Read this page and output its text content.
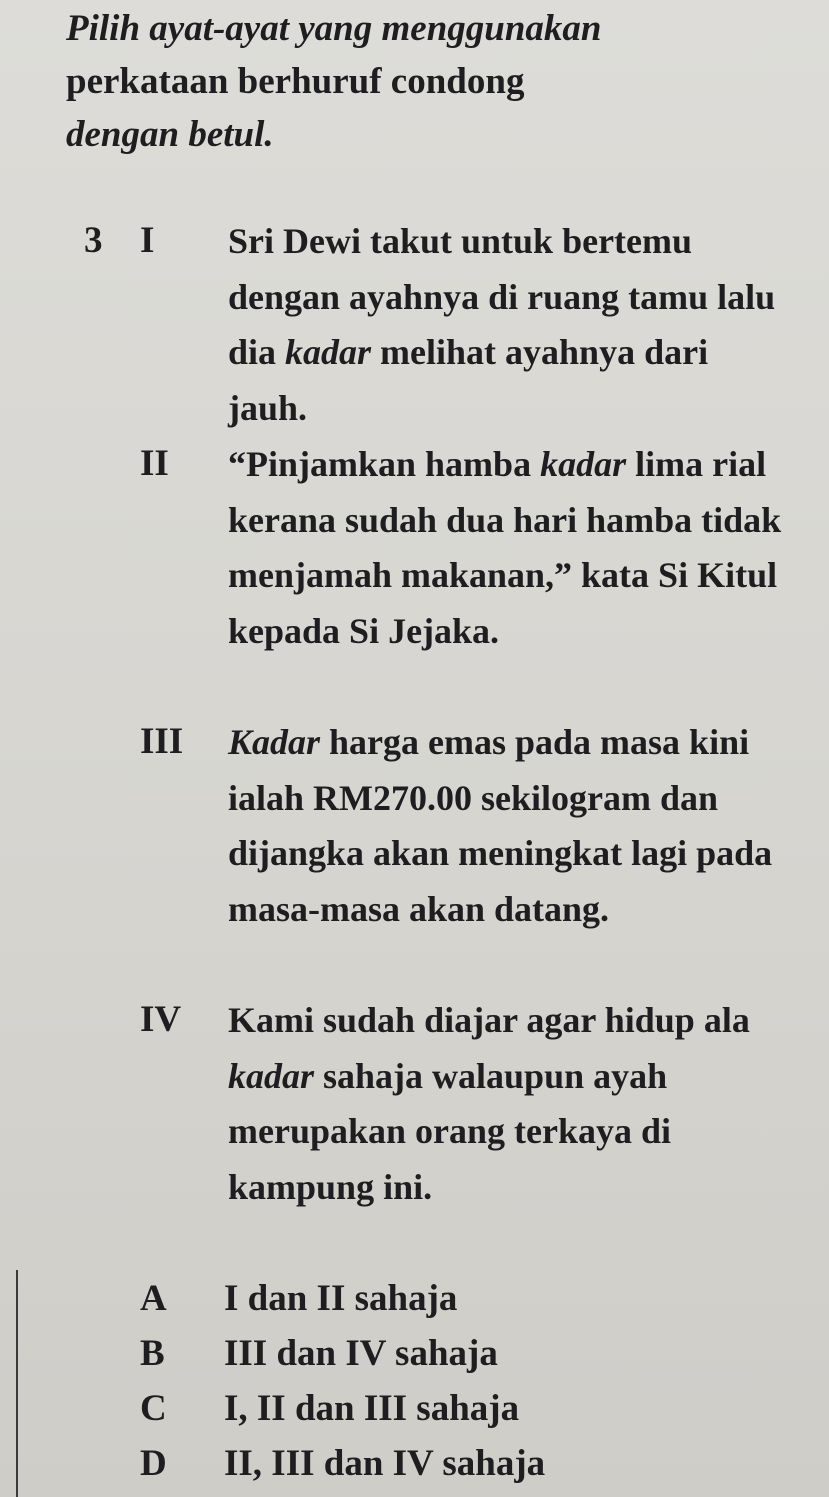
Pilih ayat-ayat yang menggunakan
perkataan berhuruf condong
dengan betul.
3 I Sri Dewi takut untuk bertemu dengan ayahnya di ruang tamu lalu dia kadar melihat ayahnya dari jauh.
II “Pinjamkan hamba kadar lima rial kerana sudah dua hari hamba tidak menjamah makanan,” kata Si Kitul kepada Si Jejaka.
III Kadar harga emas pada masa kini ialah RM270.00 sekilogram dan dijangka akan meningkat lagi pada masa-masa akan datang.
IV Kami sudah diajar agar hidup ala kadar sahaja walaupun ayah merupakan orang terkaya di kampung ini.
A I dan II sahaja
B III dan IV sahaja
C I, II dan III sahaja
D II, III dan IV sahaja
